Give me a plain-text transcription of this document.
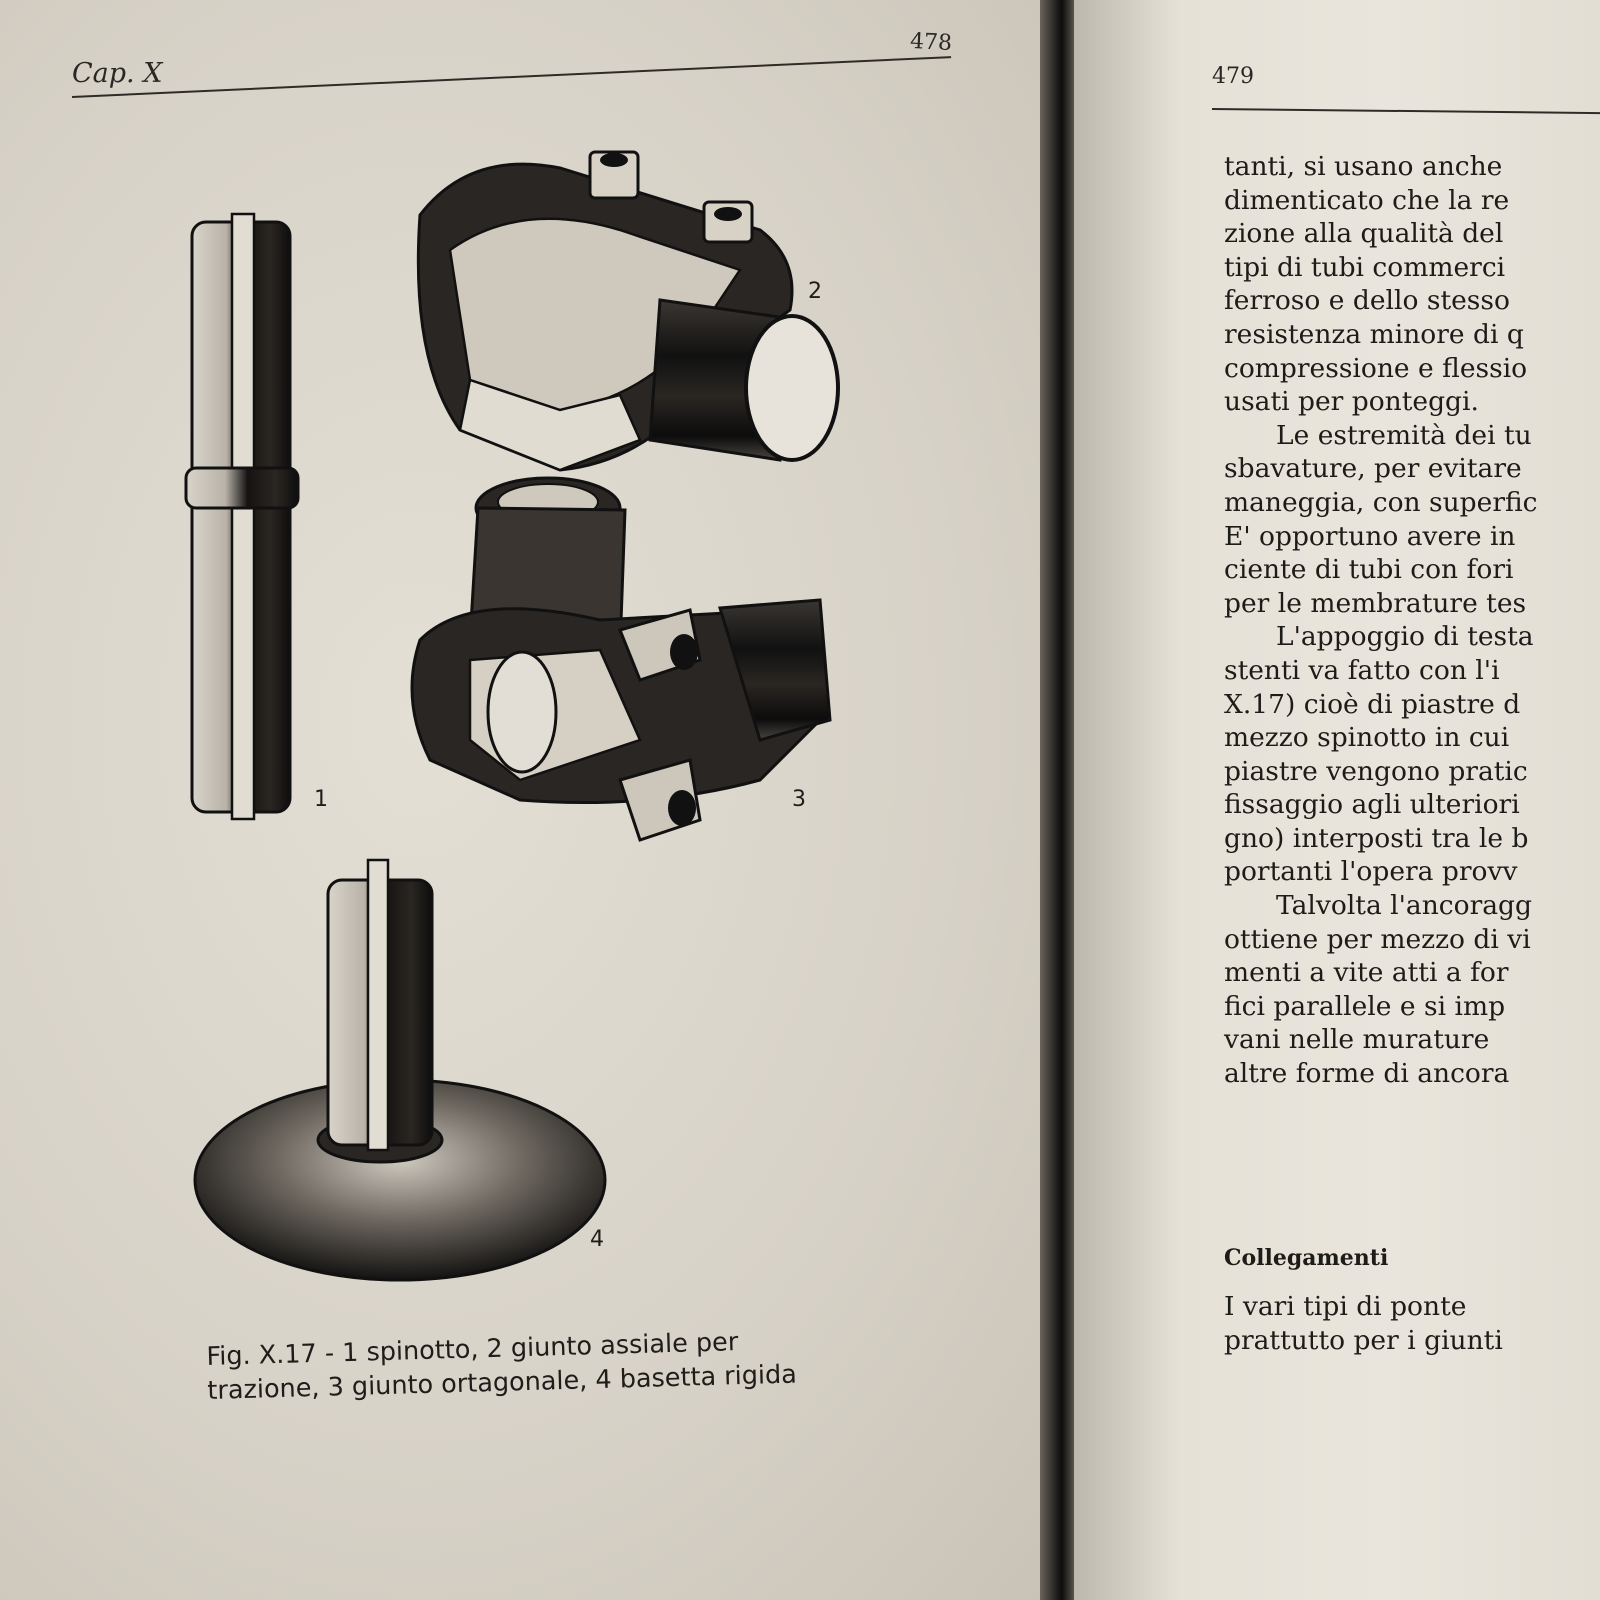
Cap. X
478
2
3
1
4
Fig. X.17 - 1 spinotto, 2 giunto assiale per
trazione, 3 giunto ortagonale, 4 basetta rigida
479
tanti, si usano anche
dimenticato che la re
zione alla qualità del
tipi di tubi commerci
ferroso e dello stesso
resistenza minore di q
compressione e flessio
usati per ponteggi.
Le estremità dei tu
sbavature, per evitare
maneggia, con superfic
E' opportuno avere in
ciente di tubi con fori
per le membrature tes
L'appoggio di testa
stenti va fatto con l'i
X.17) cioè di piastre d
mezzo spinotto in cui
piastre vengono pratic
fissaggio agli ulteriori
gno) interposti tra le b
portanti l'opera provv
Talvolta l'ancoragg
ottiene per mezzo di vi
menti a vite atti a for
fici parallele e si imp
vani nelle murature
altre forme di ancora
Collegamenti
I vari tipi di ponte
prattutto per i giunti
